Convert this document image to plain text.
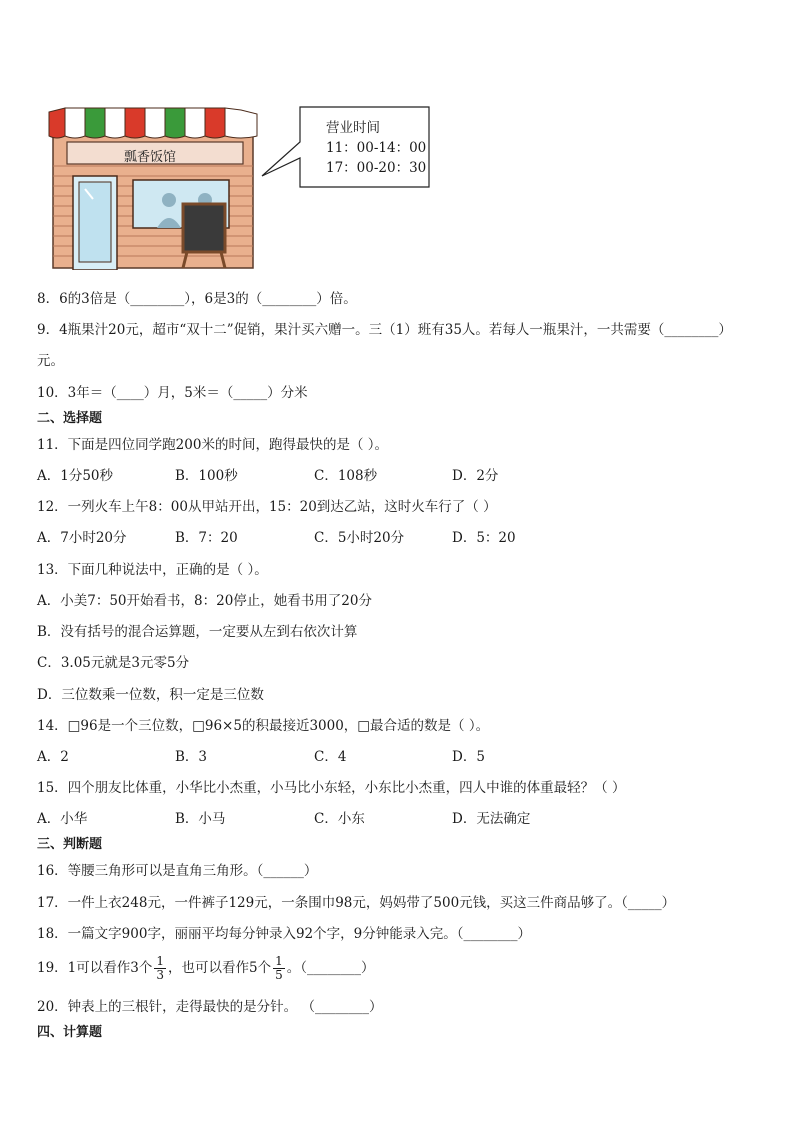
瓢香饭馆
营业时间
11：00-14：00
17：00-20：30
8．6的3倍是（________），6是3的（________）倍。
9．4瓶果汁20元，超市“双十二”促销，果汁买六赠一。三（1）班有35人。若每人一瓶果汁，一共需要（________）
元。
10．3年＝（____）月，5米＝（_____）分米
二、选择题
11．下面是四位同学跑200米的时间，跑得最快的是（ ）。
A．1分50秒	B．100秒	C．108秒	D．2分
12．一列火车上午8：00从甲站开出，15：20到达乙站，这时火车行了（ ）
A．7小时20分	B．7：20	C．5小时20分	D．5：20
13．下面几种说法中，正确的是（ ）。
A．小美7：50开始看书，8：20停止，她看书用了20分
B．没有括号的混合运算题，一定要从左到右依次计算
C．3.05元就是3元零5分
D．三位数乘一位数，积一定是三位数
14．□96是一个三位数，□96×5的积最接近3000，□最合适的数是（ ）。
A．2	B．3	C．4	D．5
15．四个朋友比体重，小华比小杰重，小马比小东轻，小东比小杰重，四人中谁的体重最轻？（ ）
A．小华	B．小马	C．小东	D．无法确定
三、判断题
16．等腰三角形可以是直角三角形。（______）
17．一件上衣248元，一件裤子129元，一条围巾98元，妈妈带了500元钱，买这三件商品够了。（_____）
18．一篇文字900字，丽丽平均每分钟录入92个字，9分钟能录入完。（________）
19．1可以看作3个 $\frac{1}{3}$ ，也可以看作5个 $\frac{1}{5}$ 。（________）
20．钟表上的三根针，走得最快的是分针。 （________）
四、计算题
